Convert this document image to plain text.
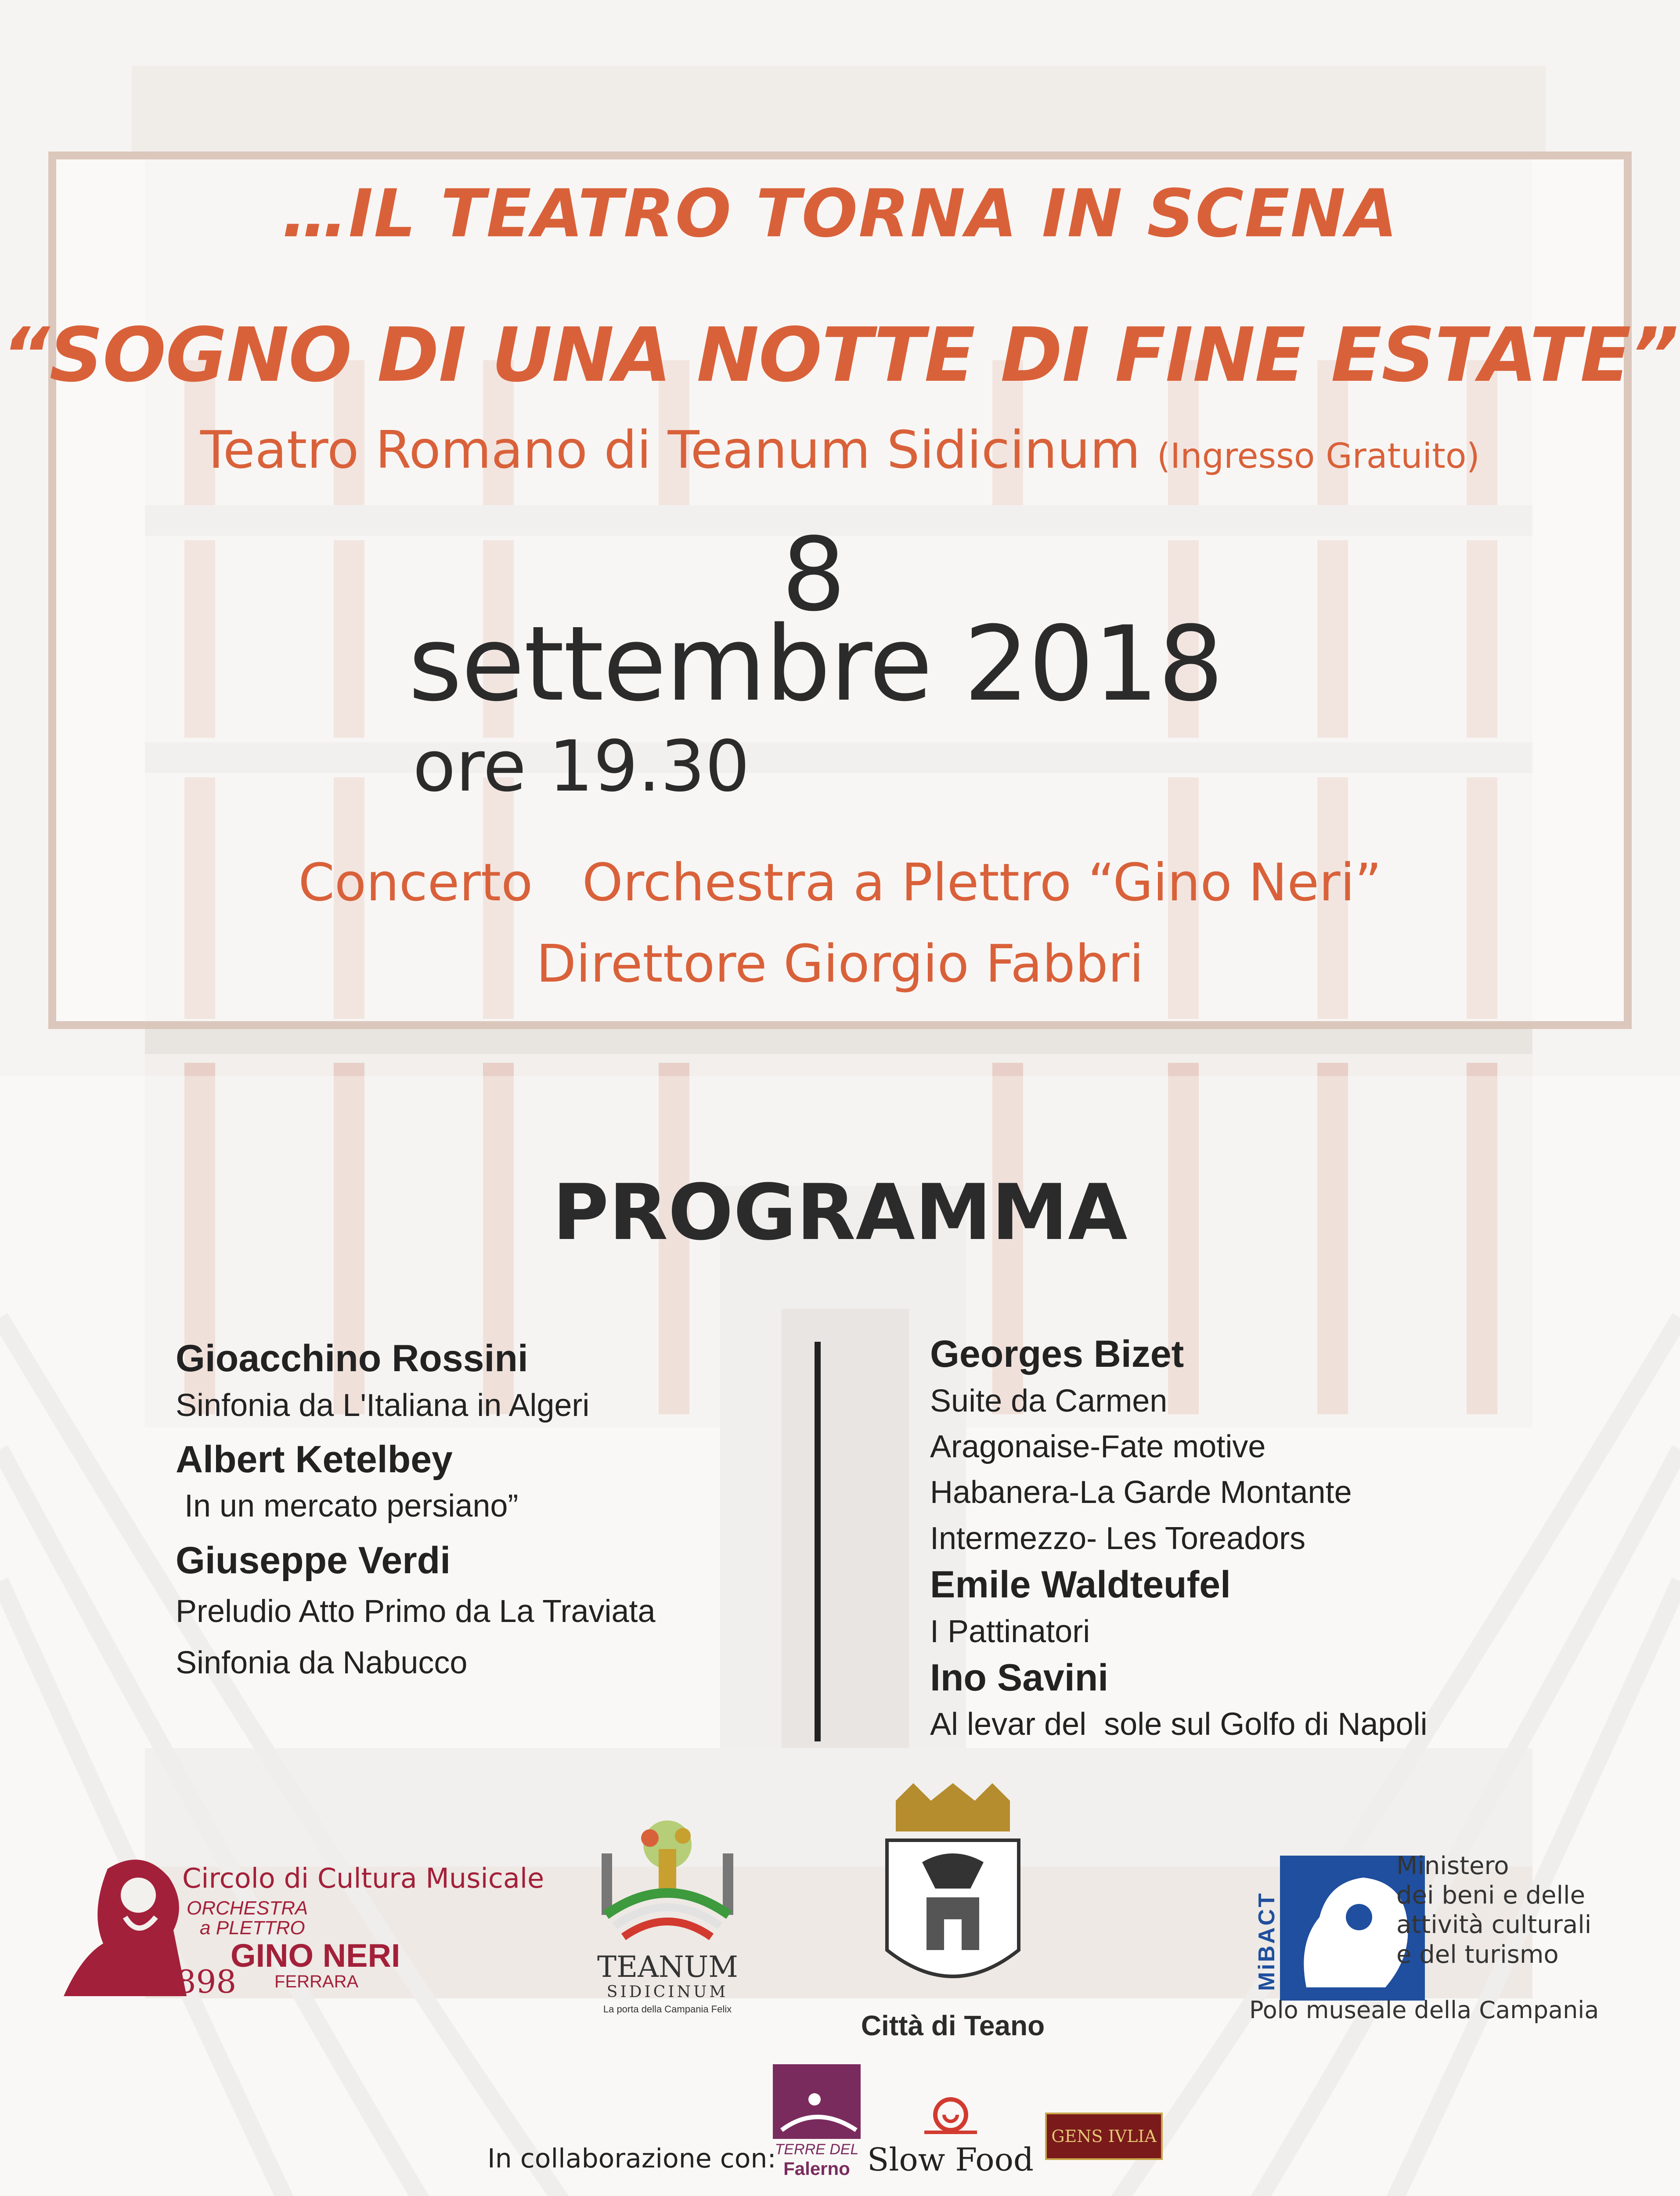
…IL TEATRO TORNA IN SCENA
“SOGNO DI UNA NOTTE DI FINE ESTATE”
Teatro Romano di Teanum Sidicinum (Ingresso Gratuito)
8
settembre 2018
ore 19.30
Concerto   Orchestra a Plettro “Gino Neri”
Direttore Giorgio Fabbri
PROGRAMMA
Gioacchino Rossini
Sinfonia da L'Italiana in Algeri
Albert Ketelbey
In un mercato persiano”
Giuseppe Verdi
Preludio Atto Primo da La Traviata
Sinfonia da Nabucco
Georges Bizet
Suite da Carmen
Aragonaise-Fate motive
Habanera-La Garde Montante
Intermezzo- Les Toreadors
Emile Waldteufel
I Pattinatori
Ino Savini
Al levar del  sole sul Golfo di Napoli
Circolo di Cultura Musicale
ORCHESTRA
a PLETTRO
GINO NERI
FERRARA
1898	TEANUM
SIDICINUM
La porta della Campania Felix
Città di Teano
MiBACT
Ministero
dei beni e delle
attività culturali
e del turismo
Polo museale della Campania
In collaborazione con:
TERRE DEL
Falerno Slow Food
GENS IVLIA
